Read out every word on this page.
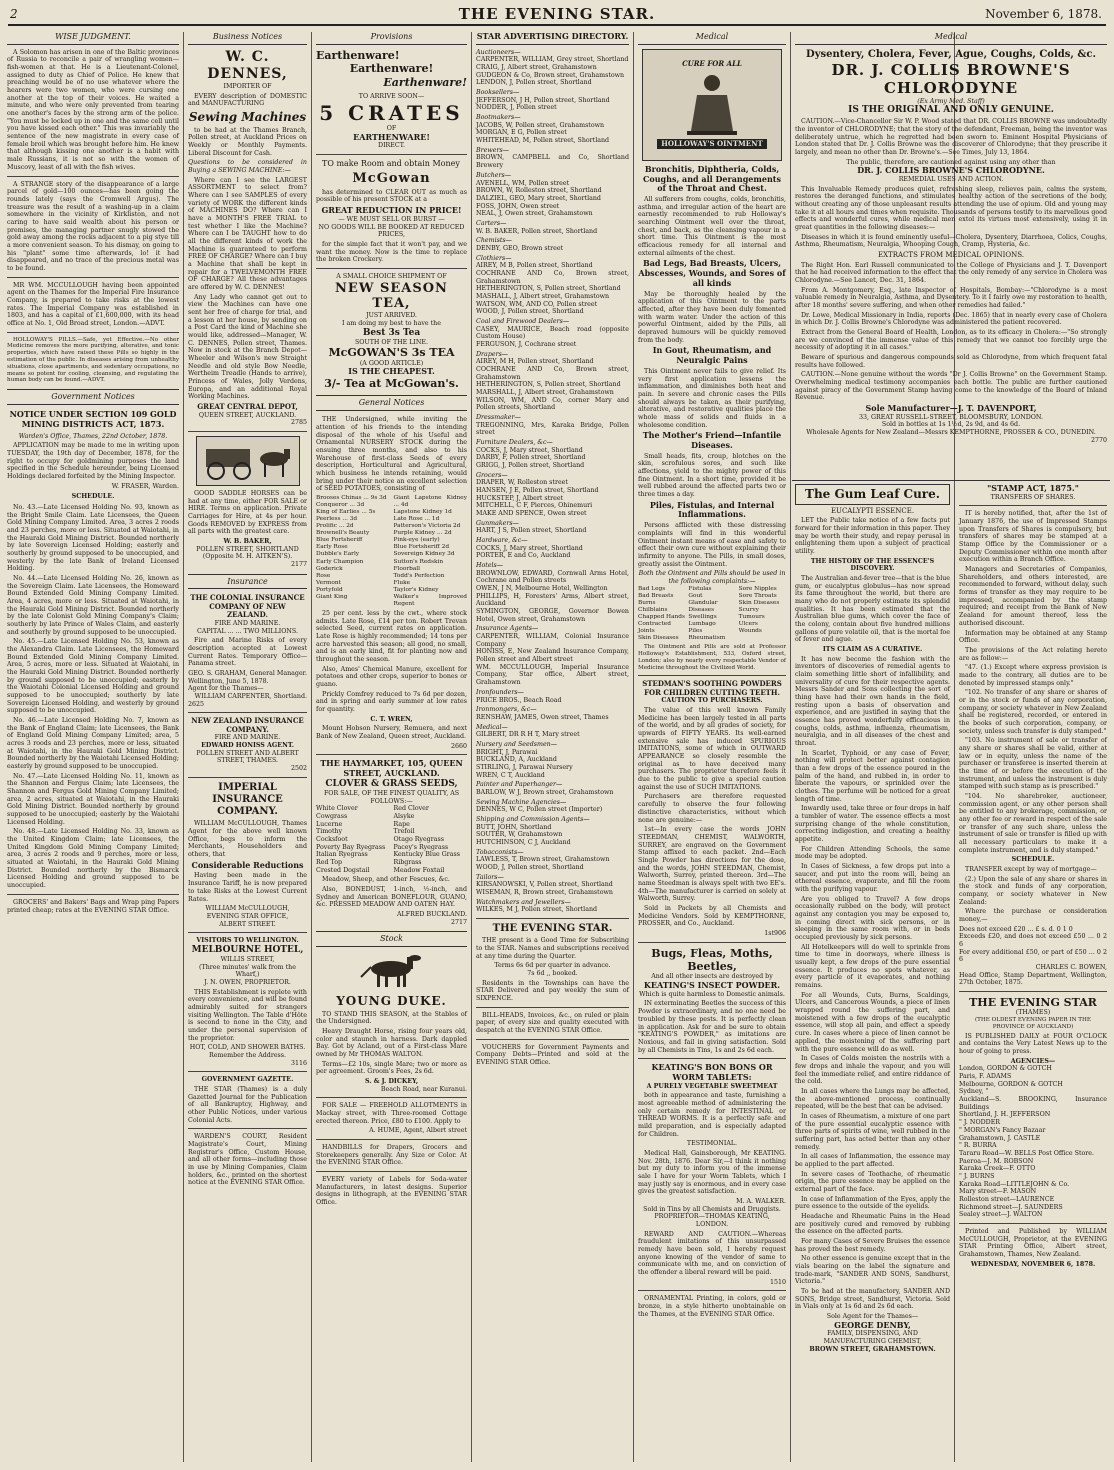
2	THE EVENING STAR.	November 6, 1878.
WISE JUDGMENT.
A Solomon has arisen in one of the Baltic provinces of Russia to reconcile a pair of wrangling women—fish-women at that. He is a Lieutenant-Colonel, assigned to duty as Chief of Police. He knew that preaching would be of no use whatever where the hearers were two women, who were cursing one another at the top of their voices. He waited a minute, and who were only prevented from tearing one another's faces by the strong arm of the police. "You must be locked up in one and the same cell until you have kissed each other." This was invariably the sentence of the new magistrate in every case of female broil which was brought before him. He knew that although kissing one another is a habit with male Russians, it is not so with the women of Muscovy, least of all with the fish wives.
A STRANGE story of the disappearance of a large parcel of gold—100 ounces—has been going the rounds lately (says the Cromwell Argus). The treasure was the result of a washing-up in a claim somewhere in the vicinity of Kirkliston, and not caring to have said wealth about his person or premises, the managing partner snugly stowed the gold away among the rocks adjacent to a pig stye till a more convenient season. To his dismay, on going to his "plant" some time afterwards, lo! it had disappeared, and no trace of the precious metal was to be found.
MR WM. MCCULLOUGH having been appointed agent on the Thames for the Imperial Fire Insurance Company, is prepared to take risks at the lowest rates. The Imperial Company was established in 1803, and has a capital of £1,600,000, with its head office at No. 1, Old Broad street, London.—ADVT.
HOLLOWAY'S PILLS.—Safe, yet Effective.—No other Medicine removes the more purifying, alterative, and tonic properties, which have raised these Pills so highly in the estimation of the public. In diseases arising from unhealthy situations, close apartments, and sedentary occupations, no means so potent for cooling, cleansing, and regulating the human body can be found.—ADVT.
Government Notices
NOTICE UNDER SECTION 109 GOLD MINING DISTRICTS ACT, 1873.
Warden's Office, Thames, 22nd October, 1878.
APPLICATION may be made to me in writing upon TUESDAY, the 19th day of December, 1878, for the right to occupy for goldmining purposes the land specified in the Schedule hereunder, being Licensed Holdings declared forfeited by the Mining Inspector.
W. FRASER, Warden.
SCHEDULE.
No. 43.—Late Licensed Holding No. 93, known as the Bright Smile Claim. Late Licensees, the Queen Gold Mining Company Limited. Area, 3 acres 2 roods and 23 perches, more or less. Situated at Waiotahi, in the Hauraki Gold Mining District. Bounded northerly by late Sovereign Licensed Holding; easterly and southerly by ground supposed to be unoccupied, and westerly by the late Bank of Ireland Licensed Holding.
No. 44.—Late Licensed Holding No. 26, known as the Sovereign Claim. Late Licensees, the Homeward Bound Extended Gold Mining Company Limited. Area, 4 acres, more or less. Situated at Waiotahi, in the Hauraki Gold Mining District. Bounded northerly by the late Colonist Gold Mining Company's Claim; southerly by late Prince of Wales Claim, and easterly and southerly by ground supposed to be unoccupied.
No. 45.—Late Licensed Holding No. 53, known as the Alexandra Claim. Late Licensees, the Homeward Bound Extended Gold Mining Company Limited. Area, 5 acres, more or less. Situated at Waiotahi, in the Hauraki Gold Mining District. Bounded northerly by ground supposed to be unoccupied; easterly by the Waiotahi Colonial Licensed Holding and ground supposed to be unoccupied; southerly by late Sovereign Licensed Holding, and westerly by ground supposed to be unoccupied.
No. 46.—Late Licensed Holding No. 7, known as the Bank of England Claim; late Licensees, the Bank of England Gold Mining Company Limited; area, 5 acres 3 roods and 23 perches, more or less, situated at Waiotahi, in the Hauraki Gold Mining District. Bounded northerly by the Waiotahi Licensed Holding; easterly by ground supposed to be unoccupied.
No. 47.—Late Licensed Holding No. 11, known as the Shannon and Fergus Claim; late Licensees, the Shannon and Fergus Gold Mining Company Limited; area, 2 acres, situated at Waiotahi, in the Hauraki Gold Mining District. Bounded northerly by ground supposed to be unoccupied; easterly by the Waiotahi Licensed Holding.
No. 48.—Late Licensed Holding No. 33, known as the United Kingdom Claim; late Licensees, the United Kingdom Gold Mining Company Limited; area, 3 acres 2 roods and 9 perches, more or less, situated at Waiotahi, in the Hauraki Gold Mining District. Bounded northerly by the Bismarck Licensed Holding and ground supposed to be unoccupied.
GROCERS' and Bakers' Bags and Wrap ping Papers printed cheap; rates at the EVENING STAR Office.
Business Notices
W. C. DENNES,
IMPORTER OF
EVERY description of DOMESTIC and MANUFACTURING
Sewing Machines
to be had at the Thames Branch, Pollen street, at Auckland Prices on Weekly or Monthly Payments. Liberal Discount for Cash.
Questions to be considered in Buying a SEWING MACHINE:—
Where can I see the LARGEST ASSORTMENT to select from? Where can I see SAMPLES of every variety of WORK the different kinds of MACHINES DO? Where can I have a MONTH'S FREE TRIAL to test whether I like the Machine? Where can I be TAUGHT how to do all the different kinds of work the Machine is guaranteed to perform FREE OF CHARGE? Where can I buy a Machine that shall be kept in repair for a TWELVEMONTH FREE OF CHARGE? All these advantages are offered by W. C. DENNES!
Any Lady who cannot get out to view the Machines can have one sent her free of charge for trial, and a lesson at her house, by sending on a Post Card the kind of Machine she would like, addressed—Manager, W. C. DENNES, Pollen street, Thames. Now in stock at the Branch Depot—Wheeler and Wilson's new Straight Needle and old style Bow Needle, Wertheim Treadle (Hands to arrive), Princess of Wales, Jolly Verdens, Europa, and an additional Royal Working Machines.
GREAT CENTRAL DEPOT,
QUEEN STREET, AUCKLAND.
2785
GOOD SADDLE HORSES can be had at any time, either FOR SALE or HIRE. Terms on application. Private Carriages for Hire, at 4s per hour. Goods REMOVED by EXPRESS from all parts with the greatest care.
W. B. BAKER,
POLLEN STREET, SHORTLAND
(Opposite M. H. AITKEN'S).
2177
Insurance
THE COLONIAL INSURANCE COMPANY OF NEW ZEALAND.
FIRE AND MARINE.
CAPITAL ... ... TWO MILLIONS.
Fire and Marine Risks of every description accepted at Lowest Current Rates. Temporary Office—Panama street.
GEO. S. GRAHAM, General Manager.
Wellington, June 5, 1878.
Agent for the Thames—
WILLIAM CARPENTER, Shortland.
2625
NEW ZEALAND INSURANCE COMPANY.
FIRE AND MARINE.
EDWARD HONISS AGENT.
POLLEN STREET AND ALBERT STREET, THAMES.
2502
IMPERIAL INSURANCE COMPANY.
WILLIAM McCULLOUGH, Thames Agent for the above well known Office, begs to inform the Merchants, Householders and others, that
Considerable Reductions
Having been made in the Insurance Tariff, he is now prepared to take Risks at the Lowest Current Rates.
WILLIAM McCULLOUGH,
EVENING STAR OFFICE,
ALBERT STREET.
VISITORS TO WELLINGTON.
MELBOURNE HOTEL,
WILLIS STREET,
(Three minutes' walk from the Wharf,)
J. N. OWEN, PROPRIETOR.
THIS Establishment is replete with every convenience, and will be found admirably suited for strangers visiting Wellington. The Table d'Hôte is second to none in the City, and under the personal supervision of the proprietor.
HOT, COLD, AND SHOWER BATHS. Remember the Address.
3116
GOVERNMENT GAZETTE.
THE STAR (Thames) is a duly Gazetted Journal for the Publication of all Bankruptcy, Highway, and other Public Notices, under various Colonial Acts.
WARDEN'S COURT, Resident Magistrate's Court, Mining Registrar's Office, Custom House, and all other forms—including those in use by Mining Companies, Claim holders, &c., printed on the shortest notice at the EVENING STAR Office.
Provisions
Earthenware!
Earthenware!
Earthenware!
TO ARRIVE SOON—
5 CRATES
OF
EARTHENWARE!
DIRECT.
TO make Room and obtain Money
McGowan
has determined to CLEAR OUT as much as possible of his present STOCK at a
GREAT REDUCTION IN PRICE!
— WE MUST SELL OR BURST —
NO GOODS WILL BE BOOKED AT REDUCED PRICES,
for the simple fact that it won't pay, and we want the money. Now is the time to replace the broken Crockery.
A SMALL CHOICE SHIPMENT OF
NEW SEASON TEA,
JUST ARRIVED.
I am doing my best to have the
Best 3s Tea
SOUTH OF THE LINE.
McGOWAN'S 3s TEA
(A GOOD ARTICLE)
IS THE CHEAPEST.
3/- Tea at McGowan's.
General Notices
THE Undersigned, while inviting the attention of his friends to the intending disposal of the whole of his Useful and Ornamental NURSERY STOCK during the ensuing three months, and also to his Warehouse of first-class Seeds of every description, Horticultural and Agricultural, which business he intends retaining, would bring under their notice an excellent selection of SEED POTATOES, consisting of
Brooses Chinas ... 9s 3d
Conqueror ... 3d
King of Earlies ... 5s
Peerless ... 3d
Prolific ... 2d
Brownell's Beauty
Blue Fortsheriff
Early Rose
Dubble's Early
Early Champion
Goderick
Rose
Vermont
Portyfold
Giant King
Giant Lapstone Kidney ... 4d
Lapstone Kidney 1d
Late Rose ... 1d
Patterson's Victoria 2d
Purple Kidney ... 2d
Pink-eye (early)
Blue Fortsheriff 2d
Sovereign Kidney 3d
Sutton's Redskin
Floorball
Todd's Perfection
Fluke
Taylor's Kidney
Walker's Improved Regent
25 per cent. less by the cwt., where stock admits. Late Rose, £14 per ton. Robert Trevan selected Seed, current rates on application. Late Rose is highly recommended; 14 tons per acre harvested this season; all good, no small, and is an early kind, fit for planting now and throughout the season.
Also, Ames' Chemical Manure, excellent for potatoes and other crops, superior to bones or guano.
Prickly Comfrey reduced to 7s 6d per dozen, and in spring and early summer at low rates for quantity.
C. T. WREN,
Mount Hobson Nursery, Remuera, and next Bank of New Zealand, Queen street, Auckland.
2660
THE HAYMARKET, 105, QUEEN STREET, AUCKLAND.
CLOVER & GRASS SEEDS,
FOR SALE, OF THE FINEST QUALITY, AS FOLLOWS:—
White Clover
Cowgrass
Lucerne
Timothy
Cocksfoot
Poverty Bay Ryegrass
Italian Ryegrass
Red Top
Crested Dogstail
Red Clover
Alsyke
Rape
Trefoil
Otago Ryegrass
Pacey's Ryegrass
Kentucky Blue Grass
Ribgrass
Meadow Foxtail
Meadow, Sheep, and other Fescues, &c.
Also, BONEDUST, 1-inch, ½-inch, and Sydney and American BONEFLOUR, GUANO, &c. PRESSED MEADOW AND OATEN HAY.
ALFRED BUCKLAND.
2717
Stock
YOUNG DUKE.
TO STAND THIS SEASON, at the Stables of the Undersigned.
Heavy Draught Horse, rising four years old, color and staunch in harness. Dark dappled Bay. Got by Acland, out of a First-class Mare owned by Mr THOMAS WALTON.
Terms—£2 10s, single Mare; two or more as per agreement. Groom's Fees, 2s 6d.
S. & J. DICKEY,
Beach Road, near Kuranui.
FOR SALE — FREEHOLD ALLOTMENTS in Mackay street, with Three-roomed Cottage erected thereon. Price, £80 to £100. Apply to
A. HUME, Agent, Albert street
HANDBILLS for Drapers, Grocers and Storekeepers generally. Any Size or Color. At the EVENING STAR Office.
EVERY variety of Labels for Soda-water Manufacturers, in latest designs. Superior designs in lithograph, at the EVENING STAR Office.
STAR ADVERTISING DIRECTORY.
Auctioneers—
CARPENTER, WILLIAM, Grey street, Shortland
CRAIG, J, Albert street, Grahamstown
GUDGEON & Co, Brown street, Grahamstown
LENDON, J, Pollen street, Shortland
Booksellers—
JEFFERSON, J H, Pollen street, Shortland
NODDER, J, Pollen street
Bootmakers—
JACOBS, W, Pollen street, Grahamstown
MORGAN, E G, Pollen street
WHITEHEAD, M, Pollen street, Shortland
Brewers—
BROWN, CAMPBELL and Co, Shortland Brewery
Butchers—
AVENELL, WM, Pollen street
BROWN, W, Rolleston street, Shortland
DALZIEL, GEO, Mary street, Shortland
FOSS, JOHN, Owen street
NEAL, J, Owen street, Grahamstown
Carters—
W. B. BAKER, Pollen street, Shortland
Chemists—
DENBY, GEO, Brown street
Clothiers—
AIREY, M B, Pollen street, Shortland
COCHRANE AND Co, Brown street, Grahamstown
HETHERINGTON, S, Pollen street, Shortland
MASHALL, J, Albert street, Grahamstown
WATSON, WM, AND CO, Pollen street
WOOD, J, Pollen street, Shortland
Coal and Firewood Dealers—
CASEY, MAURICE, Beach road (opposite Custom House)
FERGUSON, J, Cochrane street
Drapers—
AIREY, M H, Pollen street, Shortland
COCHRANE AND Co, Brown street, Grahamstown
HETHERINGTON, S, Pollen street, Shortland
MARSHALL, J, Albert street, Grahamstown
WILSON, WM, AND Co, corner Mary and Pollen streets, Shortland
Dressmaker—
TREGONNING, Mrs, Karaka Bridge, Pollen street
Furniture Dealers, &c—
COCKS, J, Mary street, Shortland
DARBY, F, Pollen street, Shortland
GRIGG, J, Pollen street, Shortland
Grocers—
DRAPER, W, Rolleston street
HANSEN, J E, Pollen street, Shortland
HUCKSTEP, J, Albert street
MITCHELL, C F, Pierces, Ohinemuri
MAKE AND SPENCE, Owen street
Gunmakers—
HART, J S, Pollen street, Shortland
Hardware, &c—
COCKS, J, Mary street, Shortland
PORTER, E and Co, Auckland
Hotels—
BROWNLOW, EDWARD, Cornwall Arms Hotel, Cochrane and Pollen streets
OWEN, J N, Melbourne Hotel, Wellington
PHILLIPS, H, Foresters' Arms, Albert street, Auckland
SYMINGTON, GEORGE, Governor Bowen Hotel, Owen street, Grahamstown
Insurance Agents—
CARPENTER, WILLIAM, Colonial Insurance Company
HONISS, E, New Zealand Insurance Company, Pollen street and Albert street
WM. MCCULLOUGH, Imperial Insurance Company, Star office, Albert street, Grahamstown
Ironfounders—
PRICE BROS., Beach Road
Ironmongers, &c—
RENSHAW, JAMES, Owen street, Thames
Medical—
GILBERT, DR R H T, Mary street
Nursery and Seedsmen—
BRIGHT, J, Parawai
BUCKLAND, A, Auckland
STIRLING, J, Parawai Nursery
WREN, C T, Auckland
Painter and Paperhanger—
BARLOW, W J, Brown street, Grahamstown
Sewing Machine Agencies—
DENNES, W C, Pollen street (Importer)
Shipping and Commission Agents—
BUTT, JOHN, Shortland
SOUTER, W, Grahamstown
HUTCHINSON, C J, Auckland
Tobacconists—
LAWLESS, T, Brown street, Grahamstown
WOOD, J, Pollen street, Shortland
Tailors—
KIRSANOWSKI, V, Pollen street, Shortland
WISEMAN, R, Brown street, Grahamstown
Watchmakers and Jewellers—
WILKES, M J, Pollen street, Shortland
THE EVENING STAR.
THE present is a Good Time for Subscribing to the STAR. Names and subscriptions received at any time during the Quarter.
Terms 6s 6d per quarter in advance.
7s 6d ,, booked.
Residents in the Townships can have the STAR Delivered and pay weekly the sum of SIXPENCE.
BILL-HEADS, Invoices, &c., on ruled or plain paper, of every size and quality executed with despatch at the EVENING STAR Office.
VOUCHERS for Government Payments and Company Debts—Printed and sold at the EVENING STAR Office.
Medical
CURE FOR ALL
HOLLOWAY'S OINTMENT
Bronchitis, Diphtheria, Colds, Coughs, and all Derangements of the Throat and Chest.
All sufferers from coughs, colds, bronchitis, asthma, and irregular action of the heart are earnestly recommended to rub Holloway's searching Ointment well over the throat, chest, and back, as the cleansing vapour in a short time. This Ointment is the most efficacious remedy for all internal and external ailments of the chest.
Bad Legs, Bad Breasts, Ulcers, Abscesses, Wounds, and Sores of all kinds
May be thoroughly healed by the application of this Ointment to the parts affected, after they have been duly fomented with warm water. Under the action of this powerful Ointment, aided by the Pills, all depraved humours will be quickly removed from the body.
In Gout, Rheumatism, and Neuralgic Pains
This Ointment never fails to give relief. Its very first application lessens the inflammation, and diminishes both heat and pain. In severe and chronic cases the Pills should always be taken, as their purifying, alterative, and restorative qualities place the whole mass of solids and fluids in a wholesome condition.
The Mother's Friend—Infantile Diseases.
Small heads, fits, croup, blotches on the skin, scrofulous sores, and such like affections, yield to the mighty power of this fine Ointment. In a short time, provided it be well rubbed around the affected parts two or three times a day.
Piles, Fistulas, and Internal Inflammations.
Persons afflicted with these distressing complaints will find in this wonderful Ointment instant means of ease and safety to effect their own cure without explaining their infirmity to anyone. The Pills, in small doses, greatly assist the Ointment.
Both the Ointment and Pills should be used in the following complaints:—
Bad Legs
Bad Breasts
Burns
Chilblains
Chapped Hands
Contracted Joints
Skin Diseases
Fistulas
Gout
Glandular Diseases
Swellings
Lumbago
Piles
Rheumatism
Sore Nipples
Sore Throats
Skin Diseases
Scurvy
Tumours
Ulcers
Wounds
The Ointment and Pills are sold at Professor Holloway's Establishment, 533, Oxford street, London; also by nearly every respectable Vendor of Medicine throughout the Civilized World.
STEDMAN'S SOOTHING POWDERS FOR CHILDREN CUTTING TEETH.
CAUTION TO PURCHASERS.
The value of this well known Family Medicine has been largely tested in all parts of the world, and by all grades of society, for upwards of FIFTY YEARS. Its well-earned extensive sale has induced SPURIOUS IMITATIONS, some of which in OUTWARD APPEARANCE so closely resemble the original as to have deceived many purchasers. The proprietor therefore feels it due to the public to give a special caution against the use of SUCH IMITATIONS.
Purchasers are therefore requested carefully to observe the four following distinctive characteristics, without which none are genuine:—
1st—In every case the words JOHN STEEDMAN, CHEMIST, WALWORTH, SURREY, are engraved on the Government Stamp affixed to each packet. 2nd—Each Single Powder has directions for the dose, and the words, JOHN STEEDMAN, Chemist, Walworth, Surrey, printed thereon. 3rd—The name Steedman is always spelt with two EE's. 4th—The manufacturer is carried on solely at Walworth, Surrey.
Sold in Packets by all Chemists and Medicine Vendors. Sold by KEMPTHORNE, PROSSER, and Co., Auckland.
1st906
Bugs, Fleas, Moths, Beetles,
And all other insects are destroyed by
KEATING'S INSECT POWDER.
Which is quite harmless to Domestic animals.
IN exterminating Beetles the success of this Powder is extraordinary, and no one need be troubled by these pests. It is perfectly clean in application. Ask for and be sure to obtain "KEATING'S POWDER," as imitations are Noxious, and fail in giving satisfaction. Sold by all Chemists in Tins, 1s and 2s 6d each.
KEATING'S BON BONS OR WORM TABLETS:
A PURELY VEGETABLE SWEETMEAT
both in appearance and taste, furnishing a most agreeable method of administering the only certain remedy for INTESTINAL or THREAD WORMS. It is a perfectly safe and mild preparation, and is especially adapted for Children.
TESTIMONIAL.
Medical Hall, Gainsborough, Mr KEATING. Nov. 28th, 1876. Dear Sir,—I think it nothing but my duty to inform you of the immense sale I have for your Worm Tablets, which I may justly say is enormous, and in every case gives the greatest satisfaction.
M. A. WALKER.
Sold in Tins by all Chemists and Druggists.
PROPRIETOR—THOMAS KEATING, LONDON.
REWARD AND CAUTION.—Whereas fraudulent imitations of this unsurpassed remedy have been sold, I hereby request anyone knowing of the vendor of same to communicate with me, and on conviction of the offender a liberal reward will be paid.
1510
ORNAMENTAL Printing, in colors, gold or bronze, in a style hitherto unobtainable on the Thames, at the EVENING STAR Office.
Medical
Dysentery, Cholera, Fever, Ague, Coughs, Colds, &c.
DR. J. COLLIS BROWNE'S CHLORODYNE
(Ex Army Med. Staff)
IS THE ORIGINAL AND ONLY GENUINE.
CAUTION.—Vice-Chancellor Sir W. P. Wood stated that DR. COLLIS BROWNE was undoubtedly the inventor of CHLORODYNE; that the story of the defendant, Freeman, being the inventor was deliberately untrue, which he regretted had been sworn to. Eminent Hospital Physicians of London stated that Dr. J. Collis Browne was the discoverer of Chlorodyne; that they prescribe it largely, and mean no other than Dr. Browne's.—See Times, July 13, 1864.
The public, therefore, are cautioned against using any other than
DR. J. COLLIS BROWNE'S CHLORODYNE.
REMEDIAL USES AND ACTION.
This Invaluable Remedy produces quiet, refreshing sleep, relieves pain, calms the system, restores the deranged functions, and stimulates healthy action of the secretions of the body, without creating any of those unpleasant results attending the use of opium. Old and young may take it at all hours and times when requisite. Thousands of persons testify to its marvellous good effects and wonderful cures, while medical men extol its virtues most extensively, using it in great quantities in the following diseases:—
Diseases in which it is found eminently useful—Cholera, Dysentery, Diarrhoea, Colics, Coughs, Asthma, Rheumatism, Neuralgia, Whooping Cough, Cramp, Hysteria, &c.
EXTRACTS FROM MEDICAL OPINIONS.
The Right Hon. Earl Russell communicated to the College of Physicians and J. T. Davenport that he had received information to the effect that the only remedy of any service in Cholera was Chlorodyne.—See Lancet, Dec. 31, 1864.
From A. Montgomery, Esq., late Inspector of Hospitals, Bombay:—"Chlorodyne is a most valuable remedy in Neuralgia, Asthma, and Dysentery. To it I fairly owe my restoration to health, after 18 months' severe suffering, and when other remedies had failed."
Dr. Lowe, Medical Missionary in India, reports (Dec. 1865) that in nearly every case of Cholera in which Dr. J. Collis Browne's Chlorodyne was administered the patient recovered.
Extract from the General Board of Health, London, as to its efficacy in Cholera:—"So strongly are we convinced of the immense value of this remedy that we cannot too forcibly urge the necessity of adopting it in all cases."
Beware of spurious and dangerous compounds sold as Chlorodyne, from which frequent fatal results have followed.
CAUTION.—None genuine without the words "Dr J. Collis Browne" on the Government Stamp. Overwhelming medical testimony accompanies each bottle. The public are further cautioned against piracy of the Government Stamp having come to the knowledge of the Board of Inland Revenue.
Sole Manufacturer—J. T. DAVENPORT,
33, GREAT RUSSELL-STREET, BLOOMSBURY, LONDON.
Sold in bottles at 1s 1½d, 2s 9d, and 4s 6d.
Wholesale Agents for New Zealand—Messrs KEMPTHORNE, PROSSER & CO., DUNEDIN.
2770
The Gum Leaf Cure.
EUCALYPTI ESSENCE.
LET the Public take notice of a few facts put forward for their information in this paper. They may be worth their study, and repay perusal in enlightening them upon a subject of practical utility.
THE HISTORY OF THE ESSENCE'S DISCOVERY.
The Australian and-fever tree—that is the blue gum, or eucalyptus globulus—has now spread its fame throughout the world, but there are many who do not properly estimate its splendid qualities. It has been estimated that the Australian blue gums, which cover the face of the colony, contain about five hundred millions gallons of pure volatile oil, that is the mortal foe of fever and ague.
ITS CLAIM AS A CURATIVE.
It has now become the fashion with the inventors of discoveries of remedial agents to claim something little short of infallibility, and universality of cure for their respective agents. Messrs Sander and Sons collecting the sort of thing have had their own hands in the field, resting upon a basis of observation and experience, and are justified in saying that the essence has proved wonderfully efficacious in coughs, colds, asthma, influenza, rheumatism, neuralgia, and in all diseases of the chest and throat.
In Scarlet, Typhoid, or any case of Fever, nothing will protect better against contagion than a few drops of the essence poured in the palm of the hand, and rubbed in, in order to liberate the vapours, or sprinkled over the clothes. The perfume will be noticed for a great length of time.
Inwardly used, take three or four drops in half a tumbler of water. The essence effects a most surprising change of the whole constitution, correcting indigestion, and creating a healthy appetite.
For Children Attending Schools, the same mode may be adopted.
In Cases of Sickness, a few drops put into a saucer, and put into the room will, being an ethereal essence, evaporate, and fill the room with the purifying vapour.
Are you obliged to Travel? A few drops occasionally rubbed on the body, will protect against any contagion you may be exposed to, in coming direct with sick persons, or in sleeping in the same room with, or in beds occupied previously by sick persons.
All Hotelkeepers will do well to sprinkle from time to time in doorways, where illness is usually kept, a few drops of the pure essential essence. It produces no spots whatever, as every particle of it evaporates, and nothing remains.
For all Wounds, Cuts, Burns, Scaldings, Ulcers, and Cancerous Wounds, a piece of linen wrapped round the suffering part, and moistened with a few drops of the eucalyptic essence, will stop all pain, and effect a speedy cure. In cases where a piece of linen cannot be applied, the moistening of the suffering part with the pure essence will do as well.
In Cases of Colds moisten the nostrils with a few drops and inhale the vapour, and you will feel the immediate relief, and entire riddance of the cold.
In all cases where the Lungs may be affected, the above-mentioned process, continually repeated, will be the best that can be advised.
In cases of Rheumatism, a mixture of one part of the pure essential eucalyptic essence with three parts of spirits of wine, well rubbed in the suffering part, has acted better than any other remedy.
In all cases of Inflammation, the essence may be applied to the part affected.
In severe cases of Toothache, of rheumatic origin, the pure essence may be applied on the external part of the face.
In case of Inflammation of the Eyes, apply the pure essence to the outside of the eyelids.
Headache and Rheumatic Pains in the Head are positively cured and removed by rubbing the essence on the affected parts.
For many Cases of Severe Bruises the essence has proved the best remedy.
No other essence is genuine except that in the vials bearing on the label the signature and trade-mark, "SANDER AND SONS, Sandhurst, Victoria."
To be had at the manufactory, SANDER AND SONS, Bridge street, Sandhurst, Victoria. Sold in Vials only at 1s 6d and 2s 6d each.
Sole Agent for the Thames—
GEORGE DENBY,
FAMILY, DISPENSING, AND MANUFACTURING CHEMIST,
BROWN STREET, GRAHAMSTOWN.
"STAMP ACT, 1875."
TRANSFERS OF SHARES.
IT is hereby notified, that, after the 1st of January 1876, the use of Impressed Stamps upon Transfers of Shares is compulsory, but transfers of shares may be stamped at a Stamp Office by the Commissioner or a Deputy Commissioner within one month after execution within a Branch Office.
Managers and Secretaries of Companies, Shareholders, and others interested, are recommended to forward, without delay, such forms of transfer as they may require to be impressed, accompanied by the stamp required; and receipt from the Bank of New Zealand for amount thereof, less the authorised discount.
Information may be obtained at any Stamp Office.
The provisions of the Act relating hereto are as follow:—
"47. (1.) Except where express provision is made to the contrary, all duties are to be denoted by impressed stamps only."
"102. No transfer of any share or shares of or in the stock or funds of any corporation, company, or society whatever in New Zealand shall be registered, recorded, or entered in the books of such corporation, company, or society, unless such transfer is duly stamped."
"103. No instrument of sale or transfer of any share or shares shall be valid, either at law or in equity, unless the name of the purchaser or transferee is inserted therein at the time of or before the execution of the instrument, and unless the instrument is duly stamped with such stamp as is prescribed."
"104. No sharebroker, auctioneer, commission agent, or any other person shall be entitled to any brokerage, commission, or any other fee or reward in respect of the sale or transfer of any such share, unless the instrument of sale or transfer is filled up with all necessary particulars to make it a complete instrument, and is duly stamped."
SCHEDULE.
TRANSFER except by way of mortgage—
(2.) Upon the sale of any share or shares in the stock and funds of any corporation, company, or society whatever in New Zealand:
Where the purchase or consideration money,—
Does not exceed £20 ... £ s. d. 0 1 0
Exceeds £20, and does not exceed £50 ... 0 2 6
For every additional £50, or part of £50 ... 0 2 6
CHARLES C. BOWEN,
Head Office, Stamp Department, Wellington, 27th October, 1875.
THE EVENING STAR
(THAMES)
(THE OLDEST EVENING PAPER IN THE PROVINCE OF AUCKLAND)
IS PUBLISHED DAILY at FOUR O'CLOCK and contains the Very Latest News up to the hour of going to press.
AGENCIES—
London, GORDON & GOTCH
Paris, F. ADAMS
Melbourne, GORDON & GOTCH
Sydney, "
Auckland—S. BROOKING, Insurance Buildings
Shortland, J. H. JEFFERSON
" J. NODDER
" MORGAN's Fancy Bazaar
Grahamstown, J. CASTLE
" R. BURRA
Tararu Road—W. BELLS Post Office Store.
Paeroa—J. M. ROBSON
Karaka Creek—F. OTTO
" J. BURNS
Karaka Road—LITTLEJOHN & Co.
Mary street—F. MASON
Rolleston street—LAURENCE
Richmond street—J. SAUNDERS
Sealey street—J. WALTON
Printed and Published by WILLIAM McCULLOUGH, Proprietor, at the EVENING STAR Printing Office, Albert street, Grahamstown, Thames, New Zealand.
WEDNESDAY, NOVEMBER 6, 1878.
